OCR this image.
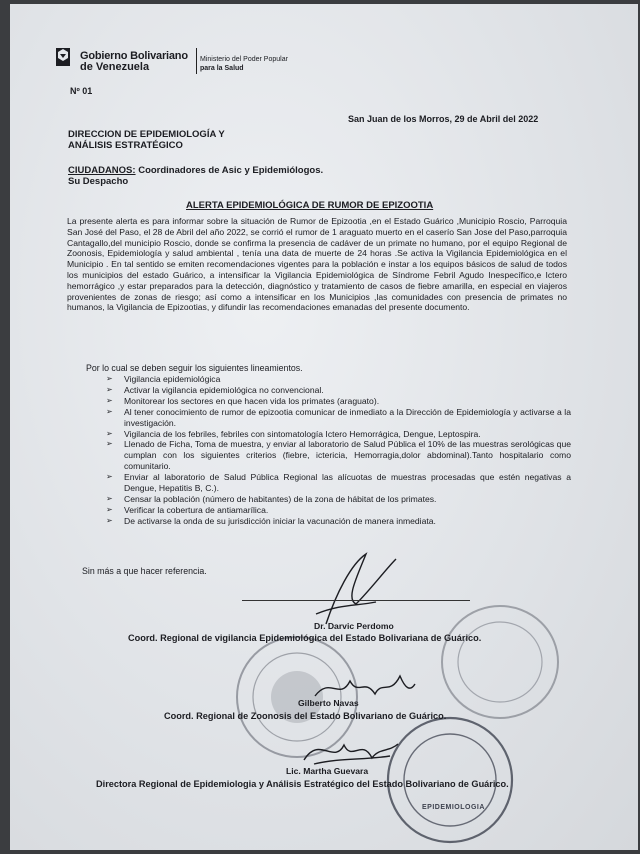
Gobierno Bolivariano
de Venezuela
Ministerio del Poder Popular
para la Salud
Nº 01
San Juan de los Morros, 29 de Abril del 2022
DIRECCION DE EPIDEMIOLOGÍA Y
ANÁLISIS ESTRATÉGICO
CIUDADANOS: Coordinadores de Asic y Epidemiólogos.
Su Despacho
ALERTA EPIDEMIOLÓGICA DE RUMOR DE EPIZOOTIA
La presente alerta es para informar sobre la situación de Rumor de Epizootia ,en el Estado Guárico ,Municipio Roscio, Parroquia San José del Paso, el 28 de Abril del año 2022, se corrió el rumor de 1 araguato muerto en el caserío San Jose del Paso,parroquia Cantagallo,del municipio Roscio, donde se confirma la presencia de cadáver de un primate no humano, por el equipo Regional de Zoonosis, Epidemiología y salud ambiental , tenía una data de muerte de 24 horas .Se activa la Vigilancia Epidemiológica en el Municipio . En tal sentido se emiten recomendaciones vigentes para la población e instar a los equipos básicos de salud de todos los municipios del estado Guárico, a intensificar la Vigilancia Epidemiológica de Síndrome Febril Agudo Inespecífico,e Ictero hemorrágico ,y estar preparados para la detección, diagnóstico y tratamiento de casos de fiebre amarilla, en especial en viajeros provenientes de zonas de riesgo; así como a intensificar en los Municipios ,las comunidades con presencia de primates no humanos, la Vigilancia de Epizootias, y difundir las recomendaciones emanadas del presente documento.
Por lo cual se deben seguir los siguientes lineamientos.
➢ Vigilancia epidemiológica
➢ Activar la vigilancia epidemiológica no convencional.
➢ Monitorear los sectores en que hacen vida los primates (araguato).
➢ Al tener conocimiento de rumor de epizootia comunicar de inmediato a la Dirección de Epidemiología y activarse a la investigación.
➢ Vigilancia de los febriles, febriles con sintomatología Ictero Hemorrágica, Dengue, Leptospira.
➢ Llenado de Ficha, Toma de muestra, y enviar al laboratorio de Salud Pública el 10% de las muestras serológicas que cumplan con los siguientes criterios (fiebre, ictericia, Hemorragia,dolor abdominal).Tanto hospitalario como comunitario.
➢ Enviar al laboratorio de Salud Pública Regional las alícuotas de muestras procesadas que estén negativas a Dengue, Hepatitis B, C.).
➢ Censar la población (número de habitantes) de la zona de hábitat de los primates.
➢ Verificar la cobertura de antiamarílica.
➢ De activarse la onda de su jurisdicción iniciar la vacunación de manera inmediata.
Sin más a que hacer referencia.
EPIDEMIOLOGIA
Dr. Darvic Perdomo
Coord. Regional de vigilancia Epidemiológica del Estado Bolivariana de Guárico.
Gilberto Navas
Coord. Regional de Zoonosis del Estado Bolivariano de Guárico.
Lic. Martha Guevara
Directora Regional de Epidemiologia y Análisis Estratégico del Estado Bolivariano de Guárico.
